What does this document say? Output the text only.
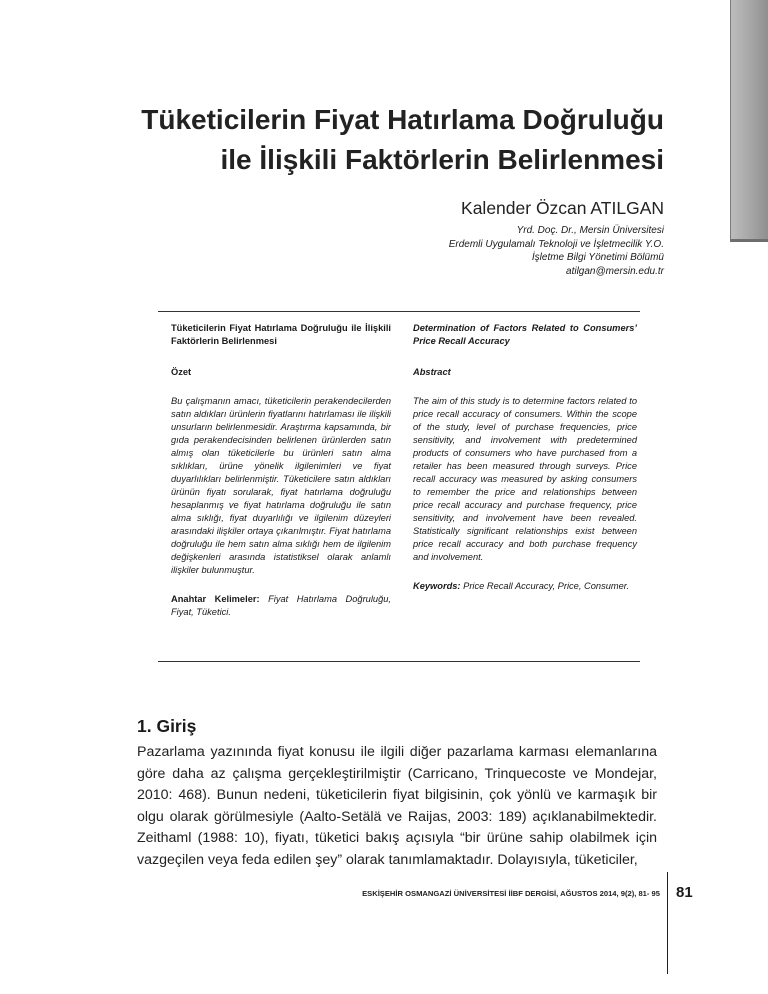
Tüketicilerin Fiyat Hatırlama Doğruluğu
ile İlişkili Faktörlerin Belirlenmesi
Kalender Özcan ATILGAN
Yrd. Doç. Dr., Mersin Üniversitesi
Erdemli Uygulamalı Teknoloji ve İşletmecilik Y.O.
İşletme Bilgi Yönetimi Bölümü
atilgan@mersin.edu.tr

Tüketicilerin Fiyat Hatırlama Doğruluğu ile İlişkili Faktörlerin Belirlenmesi

Özet

Bu çalışmanın amacı, tüketicilerin perakendecilerden satın aldıkları ürünlerin fiyatlarını hatırlaması ile ilişkili unsurların belirlenmesidir. Araştırma kapsamında, bir gıda perakendecisinden belirlenen ürünlerden satın almış olan tüketicilerle bu ürünleri satın alma sıklıkları, ürüne yönelik ilgilenimleri ve fiyat duyarlılıkları belirlenmiştir. Tüketicilere satın aldıkları ürünün fiyatı sorularak, fiyat hatırlama doğruluğu hesaplanmış ve fiyat hatırlama doğruluğu ile satın alma sıklığı, fiyat duyarlılığı ve ilgilenim düzeyleri arasındaki ilişkiler ortaya çıkarılmıştır. Fiyat hatırlama doğruluğu ile hem satın alma sıklığı hem de ilgilenim değişkenleri arasında istatistiksel olarak anlamlı ilişkiler bulunmuştur.

Anahtar Kelimeler: Fiyat Hatırlama Doğruluğu, Fiyat, Tüketici.

Determination of Factors Related to Consumers’ Price Recall Accuracy

Abstract

The aim of this study is to determine factors related to price recall accuracy of consumers. Within the scope of the study, level of purchase frequencies, price sensitivity, and involvement with predetermined products of consumers who have purchased from a retailer has been measured through surveys. Price recall accuracy was measured by asking consumers to remember the price and relationships between price recall accuracy and purchase frequency, price sensitivity, and involvement have been revealed. Statistically significant relationships exist between price recall accuracy and both purchase frequency and involvement.

Keywords: Price Recall Accuracy, Price, Consumer.

1. Giriş
Pazarlama yazınında fiyat konusu ile ilgili diğer pazarlama karması elemanlarına göre daha az çalışma gerçekleştirilmiştir (Carricano, Trinquecoste ve Mondejar, 2010: 468). Bunun nedeni, tüketicilerin fiyat bilgisinin, çok yönlü ve karmaşık bir olgu olarak görülmesiyle (Aalto-Setälä ve Raijas, 2003: 189) açıklanabilmektedir. Zeithaml (1988: 10), fiyatı, tüketici bakış açısıyla “bir ürüne sahip olabilmek için vazgeçilen veya feda edilen şey” olarak tanımlamaktadır. Dolayısıyla, tüketiciler,
ESKİŞEHİR OSMANGAZİ ÜNİVERSİTESİ İİBF DERGİSİ, AĞUSTOS 2014, 9(2), 81- 95 81
